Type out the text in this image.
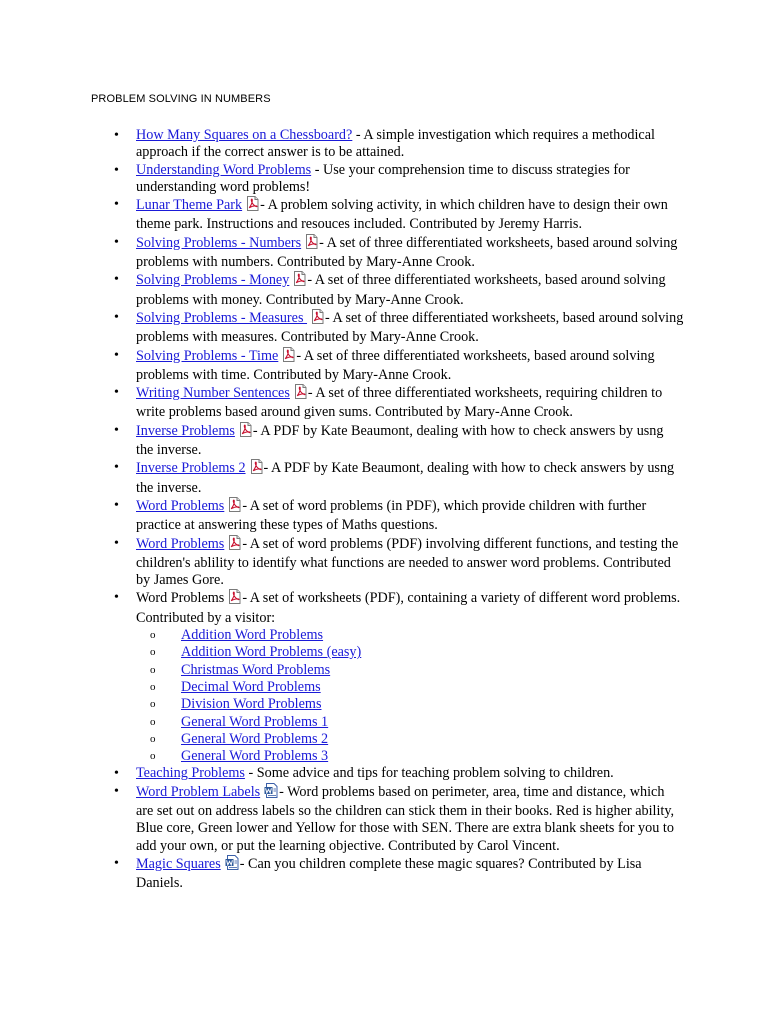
PROBLEM SOLVING IN NUMBERS
• How Many Squares on a Chessboard? - A simple investigation which requires a methodical approach if the correct answer is to be attained.
• Understanding Word Problems - Use your comprehension time to discuss strategies for understanding word problems!
• Lunar Theme Park - A problem solving activity, in which children have to design their own theme park. Instructions and resouces included. Contributed by Jeremy Harris.
• Solving Problems - Numbers - A set of three differentiated worksheets, based around solving problems with numbers. Contributed by Mary-Anne Crook.
• Solving Problems - Money - A set of three differentiated worksheets, based around solving problems with money. Contributed by Mary-Anne Crook.
• Solving Problems - Measures - A set of three differentiated worksheets, based around solving problems with measures. Contributed by Mary-Anne Crook.
• Solving Problems - Time - A set of three differentiated worksheets, based around solving problems with time. Contributed by Mary-Anne Crook.
• Writing Number Sentences - A set of three differentiated worksheets, requiring children to write problems based around given sums. Contributed by Mary-Anne Crook.
• Inverse Problems - A PDF by Kate Beaumont, dealing with how to check answers by usng the inverse.
• Inverse Problems 2 - A PDF by Kate Beaumont, dealing with how to check answers by usng the inverse.
• Word Problems - A set of word problems (in PDF), which provide children with further practice at answering these types of Maths questions.
• Word Problems - A set of word problems (PDF) involving different functions, and testing the children's ablility to identify what functions are needed to answer word problems. Contributed by James Gore.
• Word Problems - A set of worksheets (PDF), containing a variety of different word problems. Contributed by a visitor:
o Addition Word Problems
o Addition Word Problems (easy)
o Christmas Word Problems
o Decimal Word Problems
o Division Word Problems
o General Word Problems 1
o General Word Problems 2
o General Word Problems 3
• Teaching Problems - Some advice and tips for teaching problem solving to children.
• Word Problem Labels - Word problems based on perimeter, area, time and distance, which are set out on address labels so the children can stick them in their books. Red is higher ability, Blue core, Green lower and Yellow for those with SEN. There are extra blank sheets for you to add your own, or put the learning objective. Contributed by Carol Vincent.
• Magic Squares - Can you children complete these magic squares? Contributed by Lisa Daniels.
